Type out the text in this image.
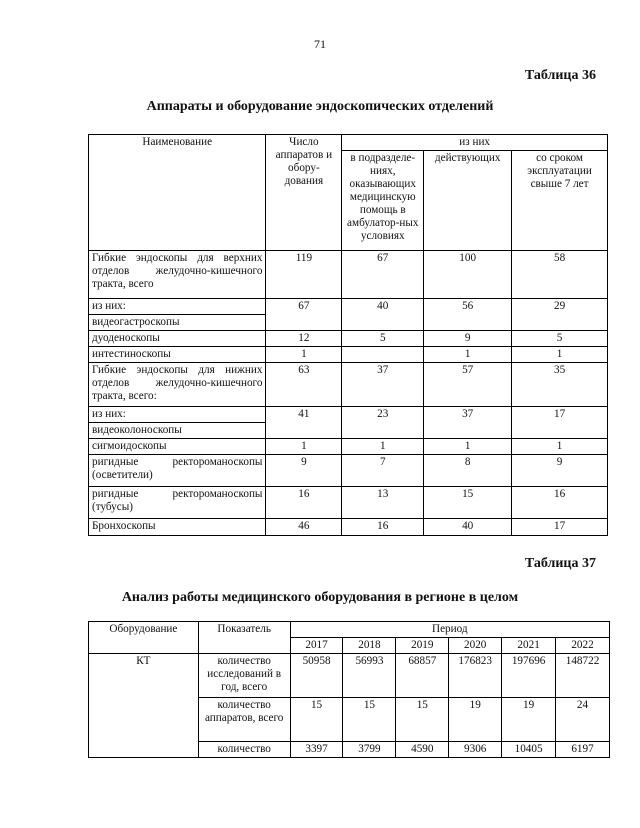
71
Таблица 36
Аппараты и оборудование эндоскопических отделений
Наименование	Число аппаратов и обору-дования	из них		
		в подразделе-ниях, оказывающих медицинскую помощь в амбулатор-ных условиях	действующих	со сроком эксплуатации свыше 7 лет
Гибкие эндоскопы для верхних отделов желудочно-кишечного тракта, всего	119	67	100	58
из них:	67	40	56	29
видеогастроскопы				
дуоденоскопы	12	5	9	5
интестиноскопы	1		1	1
Гибкие эндоскопы для нижних отделов желудочно-кишечного тракта, всего:	63	37	57	35
из них:	41	23	37	17
видеоколоноскопы				
сигмоидоскопы	1	1	1	1
ригидные ректороманоскопы (осветители)	9	7	8	9
ригидные ректороманоскопы (тубусы)	16	13	15	16
Бронхоскопы	46	16	40	17
Таблица 37
Анализ работы медицинского оборудования в регионе в целом
Оборудование	Показатель	Период					
		2017	2018	2019	2020	2021	2022
КТ	количество исследований в год, всего	50958	56993	68857	176823	197696	148722
	количество аппаратов, всего	15	15	15	19	19	24
	количество	3397	3799	4590	9306	10405	6197
